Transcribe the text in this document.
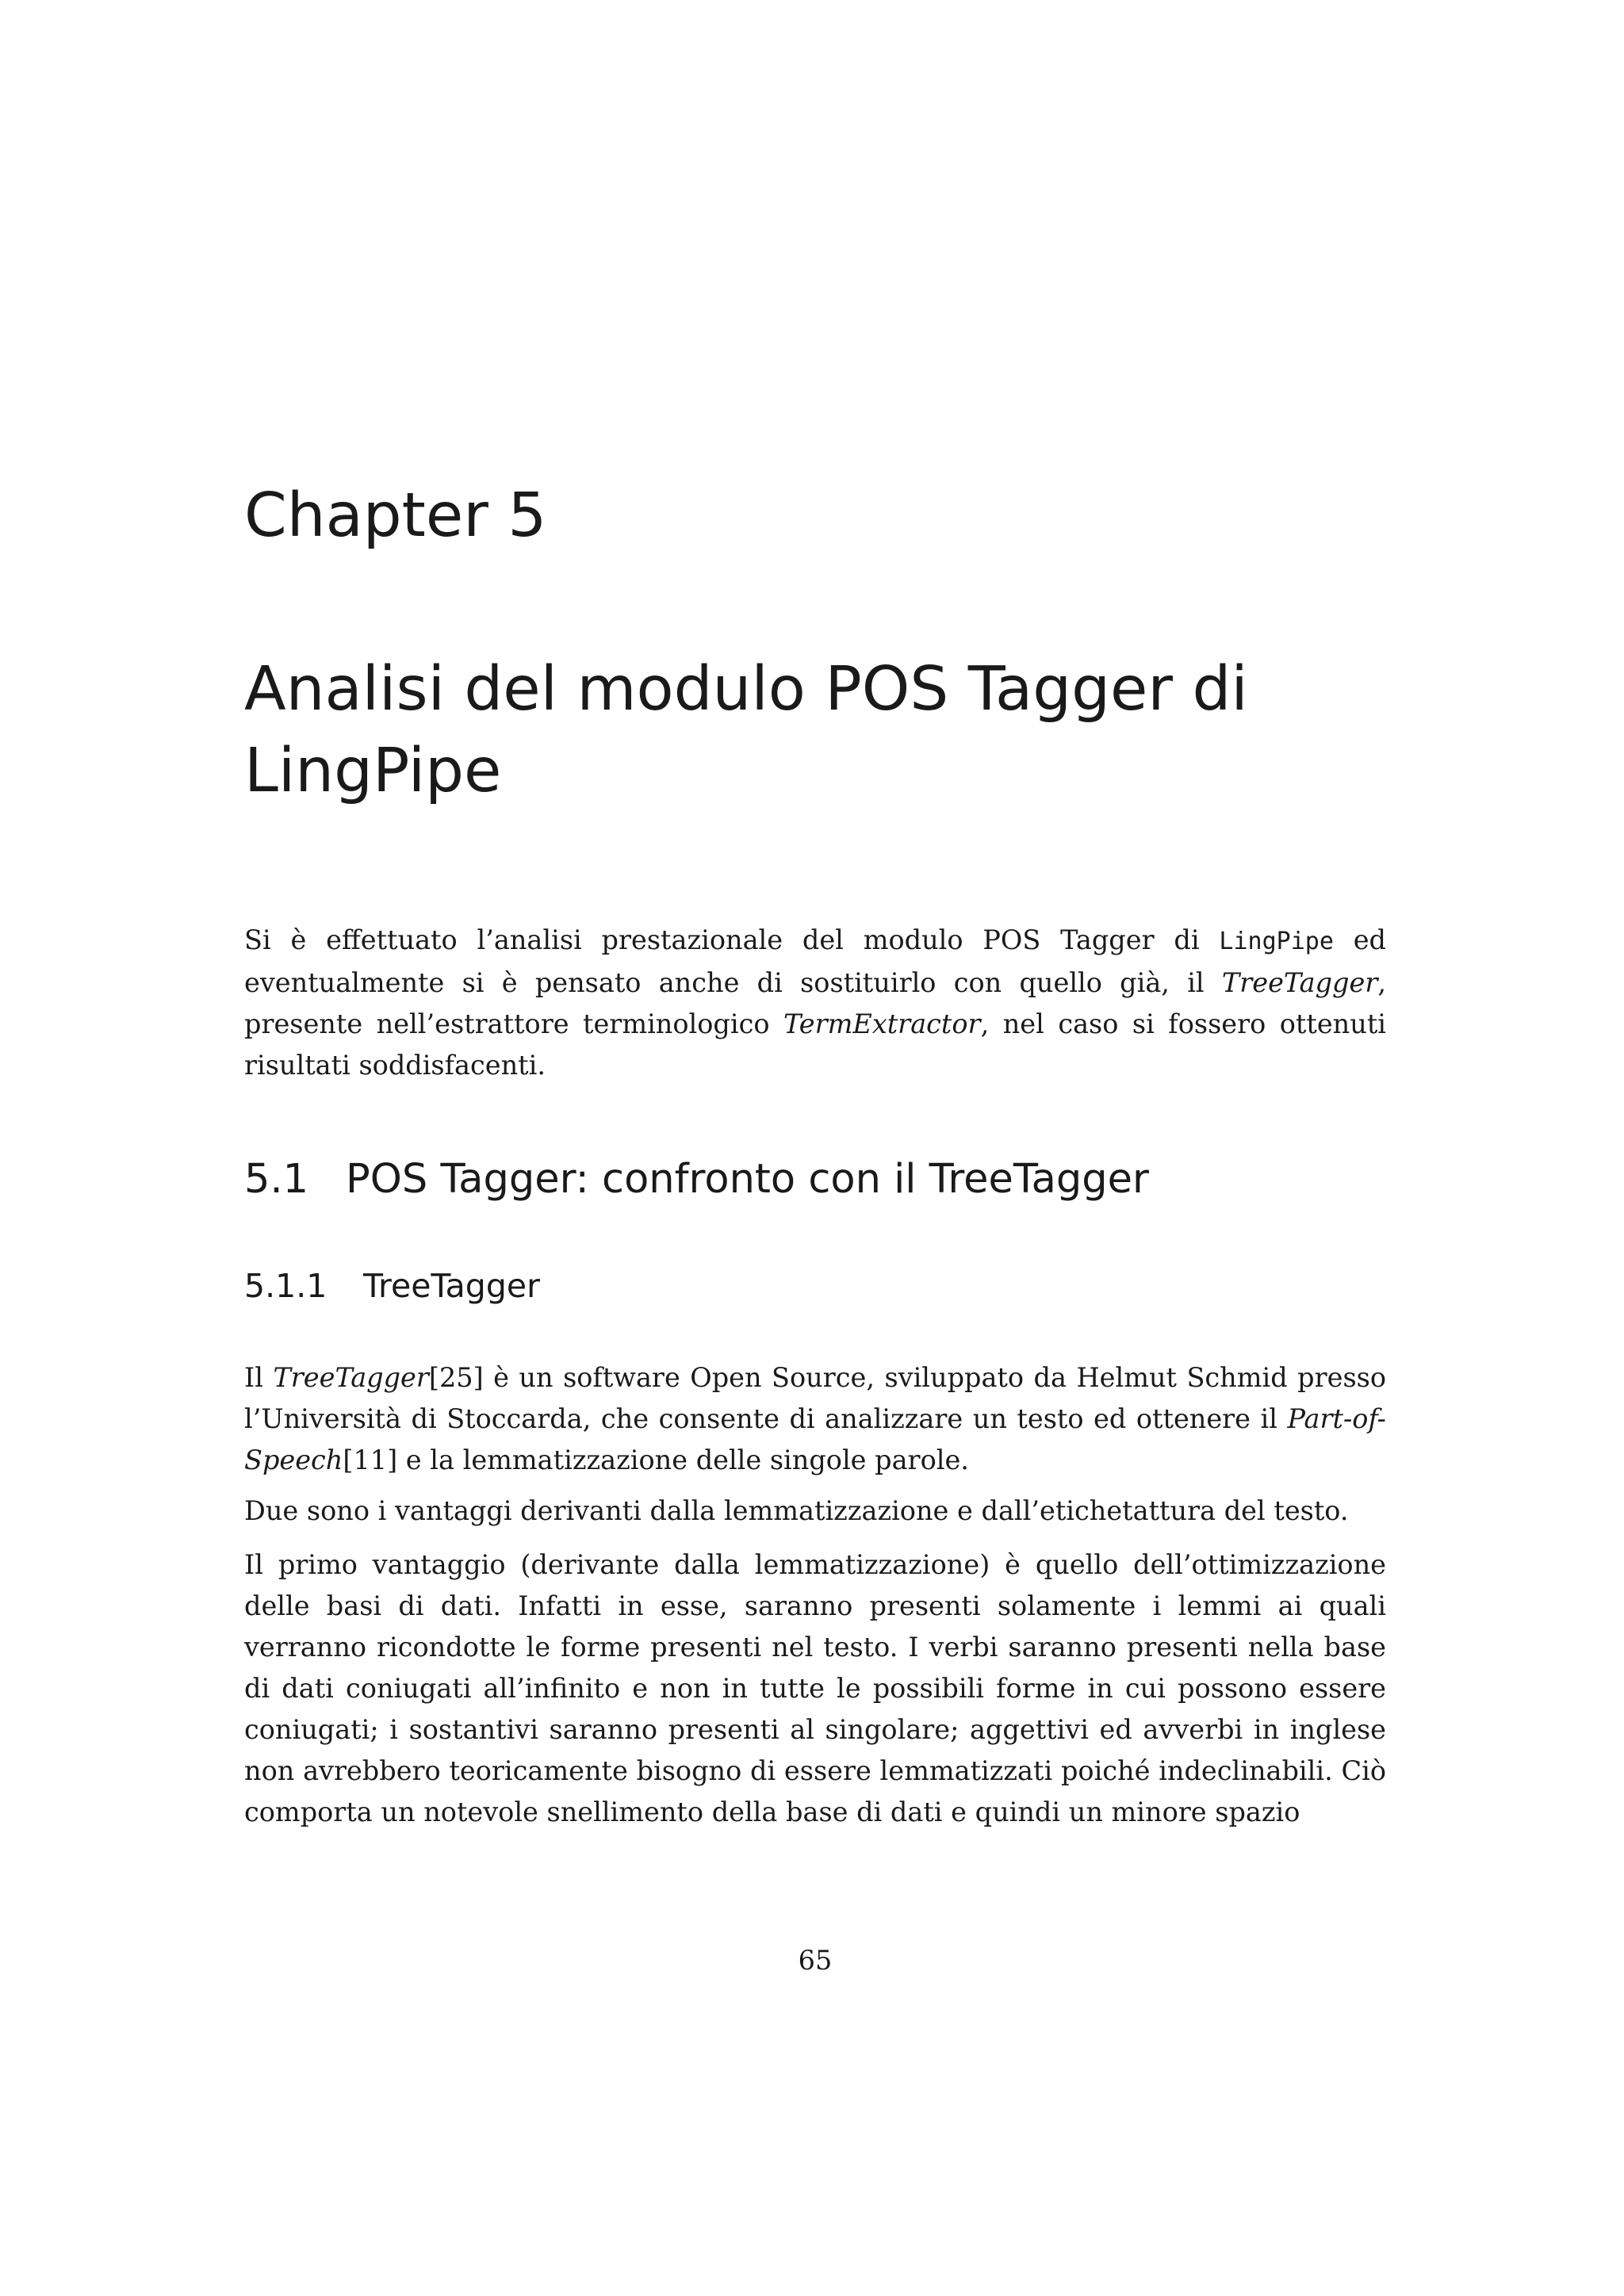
Chapter 5
Analisi del modulo POS Tagger di LingPipe

Si è effettuato l’analisi prestazionale del modulo POS Tagger di LingPipe ed eventualmente si è pensato anche di sostituirlo con quello già, il TreeTagger, presente nell’estrattore terminologico TermExtractor, nel caso si fossero ottenuti risultati soddisfacenti.

5.1 POS Tagger: confronto con il TreeTagger
5.1.1 TreeTagger

Il TreeTagger[25] è un software Open Source, sviluppato da Helmut Schmid presso l’Università di Stoccarda, che consente di analizzare un testo ed ottenere il Part-of-Speech[11] e la lemmatizzazione delle singole parole.

Due sono i vantaggi derivanti dalla lemmatizzazione e dall’etichetattura del testo.

Il primo vantaggio (derivante dalla lemmatizzazione) è quello dell’ottimizzazione delle basi di dati. Infatti in esse, saranno presenti solamente i lemmi ai quali verranno ricondotte le forme presenti nel testo. I verbi saranno presenti nella base di dati coniugati all’infinito e non in tutte le possibili forme in cui possono essere coniugati; i sostantivi saranno presenti al singolare; aggettivi ed avverbi in inglese non avrebbero teoricamente bisogno di essere lemmatizzati poiché indeclinabili. Ciò comporta un notevole snellimento della base di dati e quindi un minore spazio

65
